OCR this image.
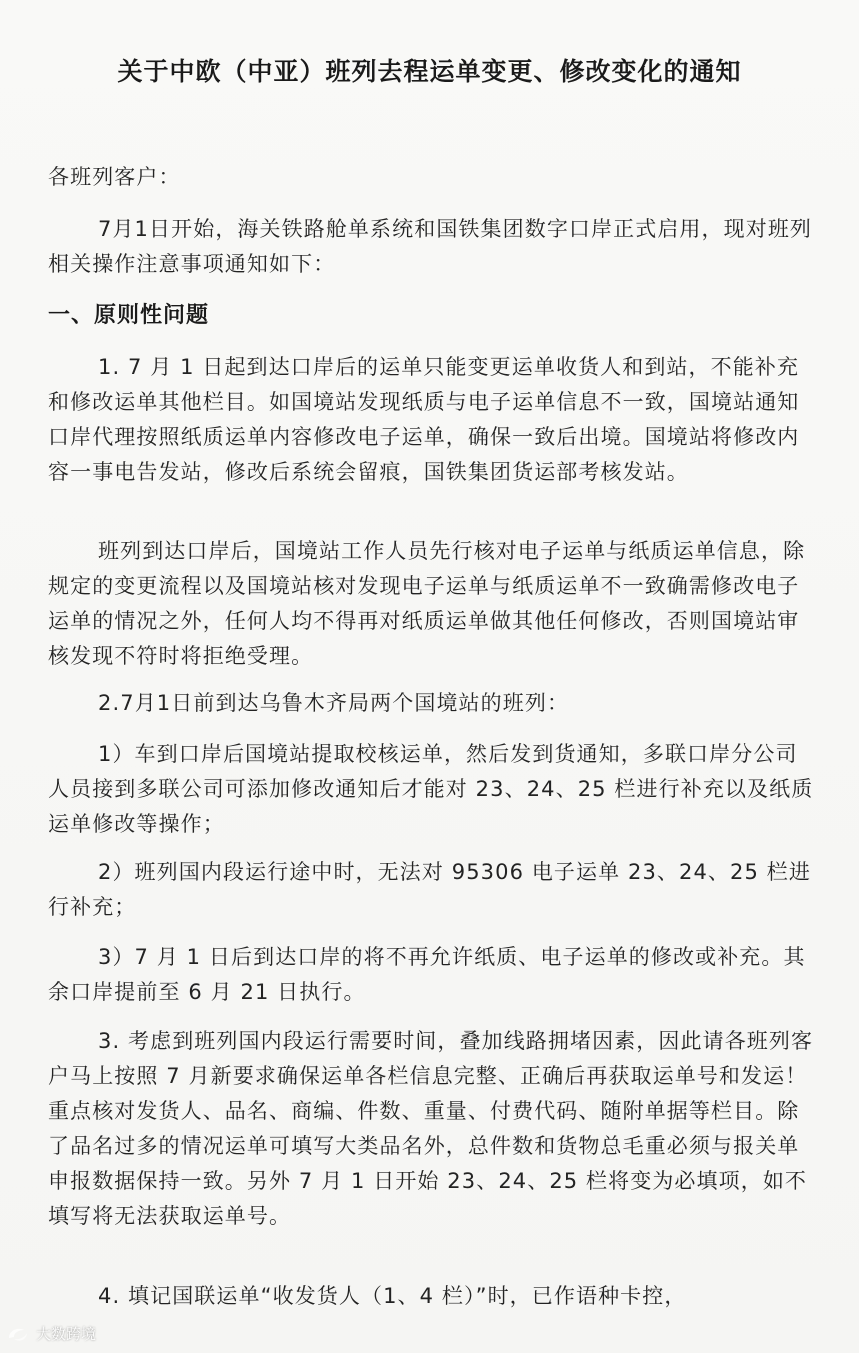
关于中欧（中亚）班列去程运单变更、修改变化的通知
各班列客户：
7月1日开始，海关铁路舱单系统和国铁集团数字口岸正式启用，现对班列相关操作注意事项通知如下：
一、原则性问题
1. 7 月 1 日起到达口岸后的运单只能变更运单收货人和到站，不能补充和修改运单其他栏目。如国境站发现纸质与电子运单信息不一致，国境站通知口岸代理按照纸质运单内容修改电子运单，确保一致后出境。国境站将修改内容一事电告发站，修改后系统会留痕，国铁集团货运部考核发站。
班列到达口岸后，国境站工作人员先行核对电子运单与纸质运单信息，除规定的变更流程以及国境站核对发现电子运单与纸质运单不一致确需修改电子运单的情况之外，任何人均不得再对纸质运单做其他任何修改，否则国境站审核发现不符时将拒绝受理。
2.7月1日前到达乌鲁木齐局两个国境站的班列：
1）车到口岸后国境站提取校核运单，然后发到货通知，多联口岸分公司人员接到多联公司可添加修改通知后才能对 23、24、25 栏进行补充以及纸质运单修改等操作；
2）班列国内段运行途中时，无法对 95306 电子运单 23、24、25 栏进行补充；
3）7 月 1 日后到达口岸的将不再允许纸质、电子运单的修改或补充。其余口岸提前至 6 月 21 日执行。
3. 考虑到班列国内段运行需要时间，叠加线路拥堵因素，因此请各班列客户马上按照 7 月新要求确保运单各栏信息完整、正确后再获取运单号和发运！重点核对发货人、品名、商编、件数、重量、付费代码、随附单据等栏目。除了品名过多的情况运单可填写大类品名外，总件数和货物总毛重必须与报关单申报数据保持一致。另外 7 月 1 日开始 23、24、25 栏将变为必填项，如不填写将无法获取运单号。
4. 填记国联运单“收发货人（1、4 栏）”时，已作语种卡控，
大数跨境
